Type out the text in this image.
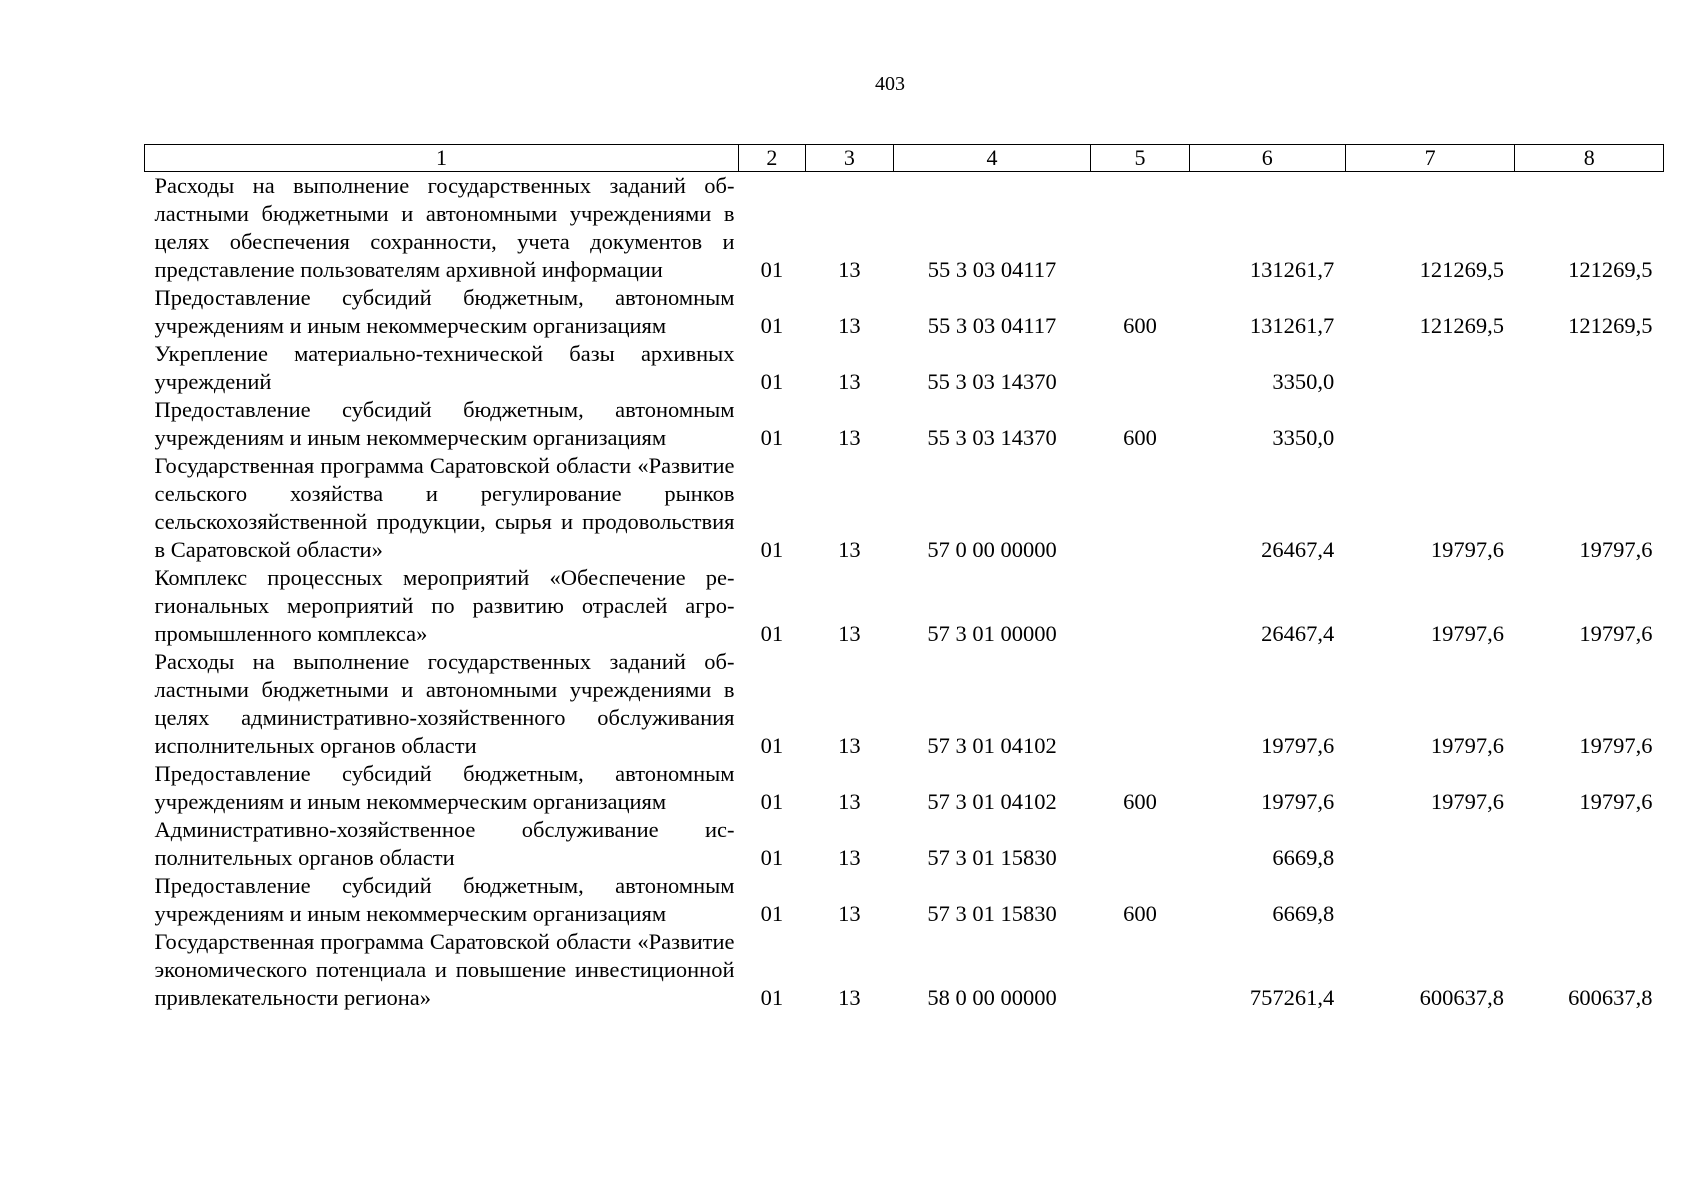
403
1	2	3	4	5	6	7	8
Расходы на выполнение государственных заданий областными бюджетными и автономными учреждениями в целях обеспечения сохранности, учета документов и представление пользователям архивной информации	01	13	55 3 03 04117		131261,7	121269,5	121269,5
Предоставление субсидий бюджетным, автономным учреждениям и иным некоммерческим организациям	01	13	55 3 03 04117	600	131261,7	121269,5	121269,5
Укрепление материально-технической базы архивных учреждений	01	13	55 3 03 14370		3350,0		
Предоставление субсидий бюджетным, автономным учреждениям и иным некоммерческим организациям	01	13	55 3 03 14370	600	3350,0		
Государственная программа Саратовской области «Развитие сельского хозяйства и регулирование рынков сельскохозяйственной продукции, сырья и продовольствия в Саратовской области»	01	13	57 0 00 00000		26467,4	19797,6	19797,6
Комплекс процессных мероприятий «Обеспечение региональных мероприятий по развитию отраслей агропромышленного комплекса»	01	13	57 3 01 00000		26467,4	19797,6	19797,6
Расходы на выполнение государственных заданий областными бюджетными и автономными учреждениями в целях административно-хозяйственного обслуживания исполнительных органов области	01	13	57 3 01 04102		19797,6	19797,6	19797,6
Предоставление субсидий бюджетным, автономным учреждениям и иным некоммерческим организациям	01	13	57 3 01 04102	600	19797,6	19797,6	19797,6
Административно-хозяйственное обслуживание исполнительных органов области	01	13	57 3 01 15830		6669,8		
Предоставление субсидий бюджетным, автономным учреждениям и иным некоммерческим организациям	01	13	57 3 01 15830	600	6669,8		
Государственная программа Саратовской области «Развитие экономического потенциала и повышение инвестиционной привлекательности региона»	01	13	58 0 00 00000		757261,4	600637,8	600637,8
